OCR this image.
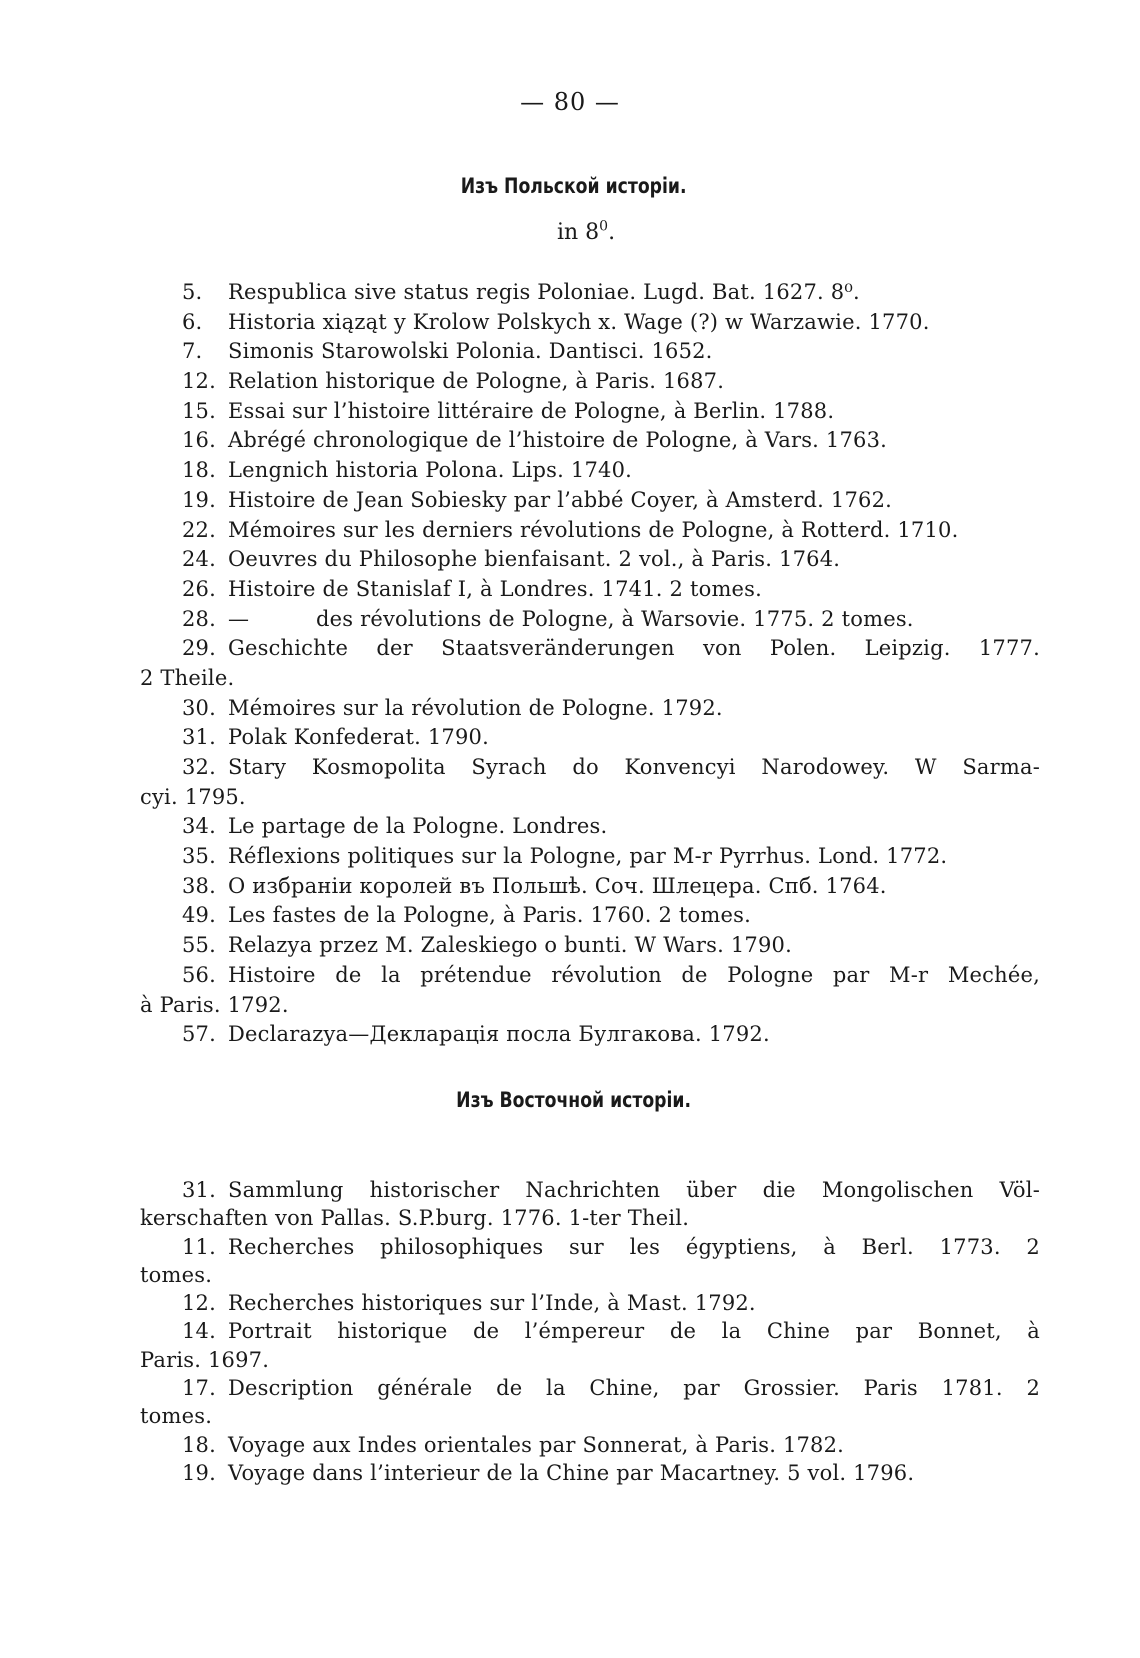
— 80 —
Изъ Польской исторіи.
in $8^0$.
5.	Respublica sive status regis Poloniae. Lugd. Bat. 1627. 8⁰.
6.	Historia xiąząt y Krolow Polskych x. Wage (?) w Warzawie. 1770.
7.	Simonis Starowolski Polonia. Dantisci. 1652.
12. Relation historique de Pologne, à Paris. 1687.
15. Essai sur l’histoire littéraire de Pologne, à Berlin. 1788.
16. Abrégé chronologique de l’histoire de Pologne, à Vars. 1763.
18. Lengnich historia Polona. Lips. 1740.
19. Histoire de Jean Sobiesky par l’abbé Coyer, à Amsterd. 1762.
22. Mémoires sur les derniers révolutions de Pologne, à Rotterd. 1710.
24. Oeuvres du Philosophe bienfaisant. 2 vol., à Paris. 1764.
26. Histoire de Stanislaf I, à Londres. 1741. 2 tomes.
28. —	des révolutions de Pologne, à Warsovie. 1775. 2 tomes.
29. Geschichte der Staatsveränderungen von Polen. Leipzig. 1777.
2 Theile.
30. Mémoires sur la révolution de Pologne. 1792.
31. Polak Konfederat. 1790.
32. Stary Kosmopolita Syrach do Konvencyi Narodowey. W Sarma-
cyi. 1795.
34. Le partage de la Pologne. Londres.
35. Réflexions politiques sur la Pologne, par M-r Pyrrhus. Lond. 1772.
38. О избраніи королей въ Польшѣ. Соч. Шлецера. Спб. 1764.
49. Les fastes de la Pologne, à Paris. 1760. 2 tomes.
55. Relazya przez M. Zaleskiego o bunti. W Wars. 1790.
56. Histoire de la prétendue révolution de Pologne par M-r Mechée,
à Paris. 1792.
57. Declarazya—Декларація посла Булгакова. 1792.
Изъ Восточной исторіи.
31. Sammlung historischer Nachrichten über die Mongolischen Völ-
kerschaften von Pallas. S.P.burg. 1776. 1-ter Theil.
11. Recherches philosophiques sur les égyptiens, à Berl. 1773. 2
tomes.
12. Recherches historiques sur l’Inde, à Mast. 1792.
14. Portrait historique de l’émpereur de la Chine par Bonnet, à
Paris. 1697.
17. Description générale de la Chine, par Grossier. Paris 1781. 2
tomes.
18. Voyage aux Indes orientales par Sonnerat, à Paris. 1782.
19. Voyage dans l’interieur de la Chine par Macartney. 5 vol. 1796.
